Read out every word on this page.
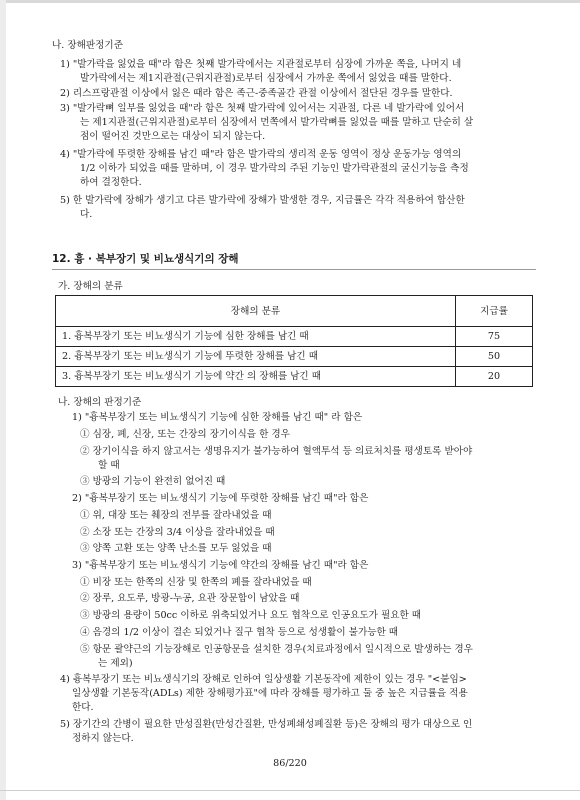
나. 장해판정기준
1) "발가락을 잃었을 때"라 함은 첫째 발가락에서는 지관절로부터 심장에 가까운 쪽을, 나머지 네
발가락에서는 제1지관절(근위지관절)로부터 심장에서 가까운 쪽에서 잃었을 때를 말한다.
2) 리스프랑관절 이상에서 잃은 때라 함은 족근-중족골간 관절 이상에서 절단된 경우를 말한다.
3) "발가락뼈 일부를 잃었을 때"라 함은 첫째 발가락에 있어서는 지관절, 다른 네 발가락에 있어서
는 제1지관절(근위지관절)로부터 심장에서 먼쪽에서 발가락뼈를 잃었을 때를 말하고 단순히 살
점이 떨어진 것만으로는 대상이 되지 않는다.
4) "발가락에 뚜렷한 장해를 남긴 때"라 함은 발가락의 생리적 운동 영역이 정상 운동가능 영역의
1/2 이하가 되었을 때를 말하며, 이 경우 발가락의 주된 기능인 발가락관절의 굴신기능을 측정
하여 결정한다.
5) 한 발가락에 장해가 생기고 다른 발가락에 장해가 발생한 경우, 지급률은 각각 적용하여 합산한
다.
12. 흉 · 복부장기 및 비뇨생식기의 장해
가. 장해의 분류
장해의 분류	지급률
1. 흉복부장기 또는 비뇨생식기 기능에 심한 장해를 남긴 때	75
2. 흉복부장기 또는 비뇨생식기 기능에 뚜렷한 장해를 남긴 때	50
3. 흉복부장기 또는 비뇨생식기 기능에 약간 의 장해를 남긴 때	20
나. 장해의 판정기준
1) "흉복부장기 또는 비뇨생식기 기능에 심한 장해를 남긴 때" 라 함은
① 심장, 폐, 신장, 또는 간장의 장기이식을 한 경우
② 장기이식을 하지 않고서는 생명유지가 불가능하여 혈액투석 등 의료처치를 평생토록 받아야
할 때
③ 방광의 기능이 완전히 없어진 때
2) "흉복부장기 또는 비뇨생식기 기능에 뚜렷한 장해를 남긴 때"라 함은
① 위, 대장 또는 췌장의 전부를 잘라내었을 때
② 소장 또는 간장의 3/4 이상을 잘라내었을 때
③ 양쪽 고환 또는 양쪽 난소를 모두 잃었을 때
3) "흉복부장기 또는 비뇨생식기 기능에 약간의 장해를 남긴 때"라 함은
① 비장 또는 한쪽의 신장 및 한쪽의 폐를 잘라내었을 때
② 장루, 요도루, 방광-누공, 요관 장문합이 남았을 때
③ 방광의 용량이 50cc 이하로 위축되었거나 요도 협착으로 인공요도가 필요한 때
④ 음경의 1/2 이상이 결손 되었거나 질구 협착 등으로 성생활이 불가능한 때
⑤ 항문 괄약근의 기능장해로 인공항문을 설치한 경우(치료과정에서 일시적으로 발생하는 경우
는 제외)
4) 흉복부장기 또는 비뇨생식기의 장해로 인하여 일상생활 기본동작에 제한이 있는 경우 "<붙임>
일상생활 기본동작(ADLs) 제한 장해평가표"에 따라 장해를 평가하고 둘 중 높은 지급률을 적용
한다.
5) 장기간의 간병이 필요한 만성질환(만성간질환, 만성폐쇄성폐질환 등)은 장해의 평가 대상으로 인
정하지 않는다.
86/220
